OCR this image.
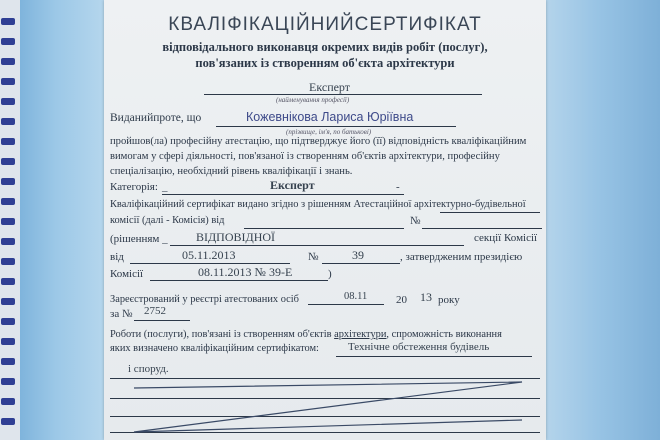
КВАЛІФІКАЦІЙНИЙСЕРТИФІКАТ
відповідального виконавця окремих видів робіт (послуг),
пов'язаних із створенням об'єкта архітектури
Експерт
(найменування професії)
Виданийпроте, що	Кожевнікова Лариса Юріївна
(прізвище, ім'я, по батькові)
пройшов(ла) професійну атестацію, що підтверджує його (її) відповідність кваліфікаційним
вимогам у сфері діяльності, пов'язаної із створенням об'єктів архітектури, професійну
спеціалізацію, необхідний рівень кваліфікації і знань.
Категорія: _	Експерт	-
Кваліфікаційний сертифікат видано згідно з рішенням Атестаційної архітектурно-будівельної
комісії (далі - Комісія) від	№
(рішенням _ ВІДПОВІДНОЇ	секції Комісії
від	05.11.2013	№	39	, затвердженим президією
Комісії	08.11.2013 № 39-Е	)
Зареєстрований у реєстрі атестованих осіб	08.11	20 13 року
за № 2752
Роботи (послуги), пов'язані із створенням об'єктів архітектури, спроможність виконання
яких визначено кваліфікаційним сертифікатом:	Технічне обстеження будівель
і споруд.
